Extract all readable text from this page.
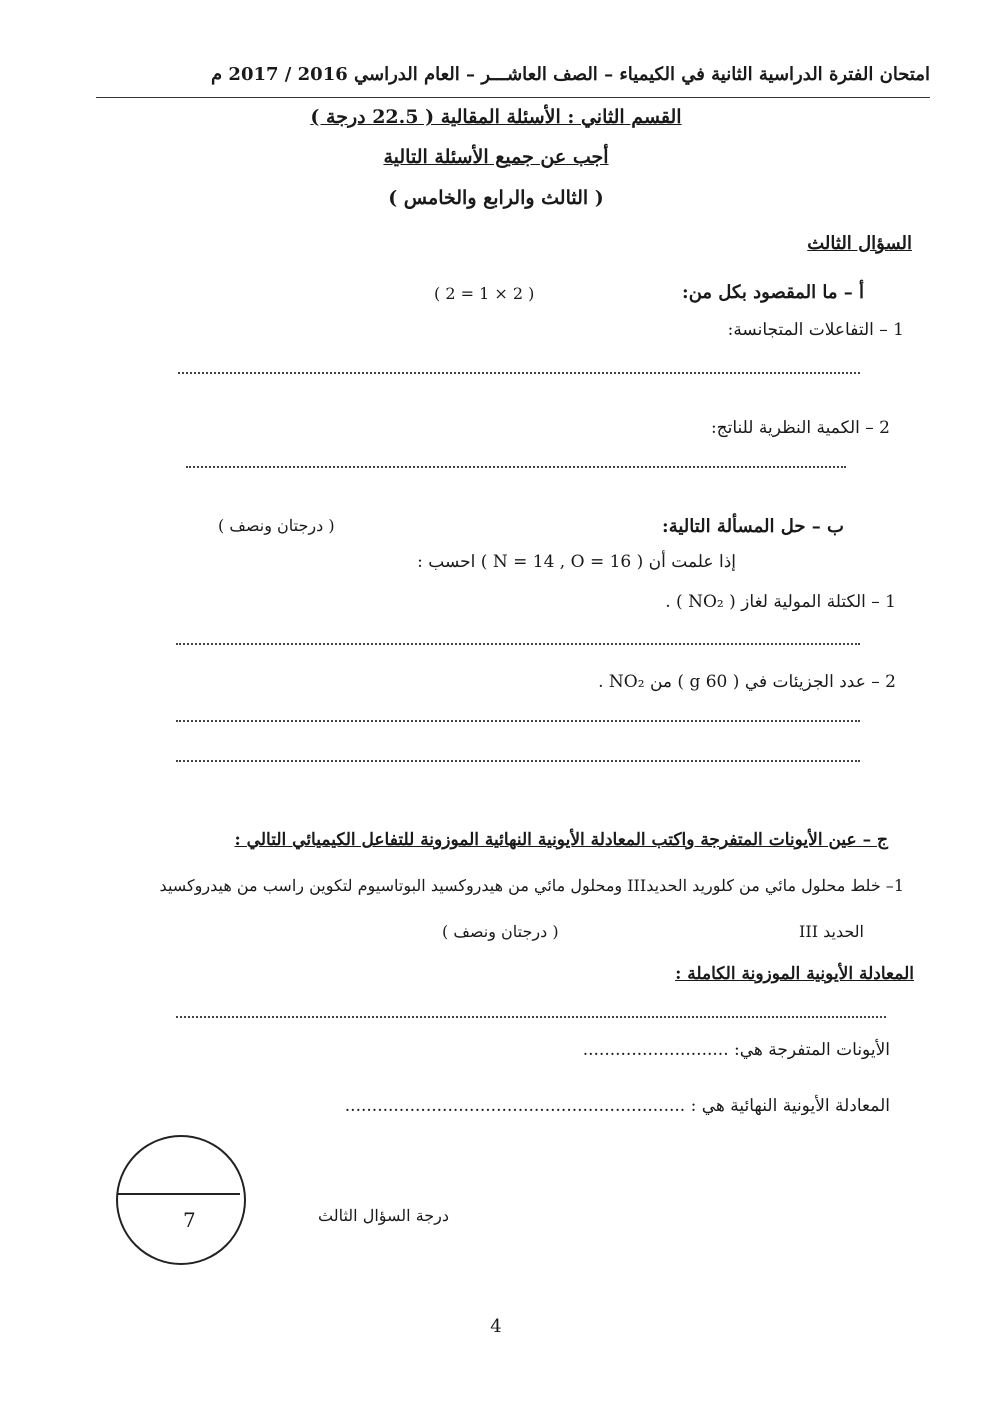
امتحان الفترة الدراسية الثانية في الكيمياء – الصف العاشـــر – العام الدراسي 2016 / 2017 م
القسم الثاني : الأسئلة المقالية ( 22.5 درجة )
أجب عن جميع الأسئلة التالية
( الثالث والرابع والخامس )
السؤال الثالث
أ – ما المقصود بكل من:
( 2 = 1 × 2 )
1 – التفاعلات المتجانسة:
2 – الكمية النظرية للناتج:
ب – حل المسألة التالية:
( درجتان ونصف )
إذا علمت أن ( N = 14 , O = 16 ) احسب :
1 – الكتلة المولية لغاز ( NO₂ ) .
2 – عدد الجزيئات في ( 60 g ) من NO₂ .
ج – عين الأيونات المتفرجة واكتب المعادلة الأيونية النهائية الموزونة للتفاعل الكيميائي التالي :
1– خلط محلول مائي من كلوريد الحديدIII ومحلول مائي من هيدروكسيد البوتاسيوم لتكوين راسب من هيدروكسيد
الحديد III
( درجتان ونصف )
المعادلة الأيونية الموزونة الكاملة :
الأيونات المتفرجة هي: ...........................
المعادلة الأيونية النهائية هي : ...............................................................
7	درجة السؤال الثالث
4
